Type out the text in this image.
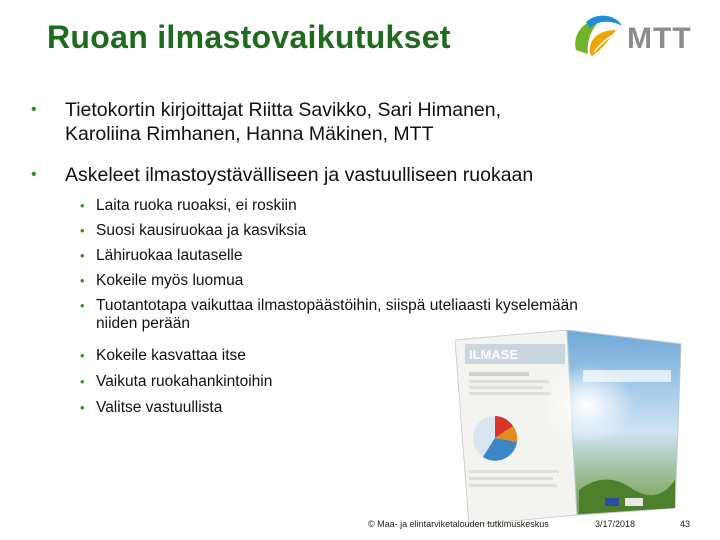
Ruoan ilmastovaikutukset	MTT
•	Tietokortin kirjoittajat Riitta Savikko, Sari Himanen,
Karoliina Rimhanen, Hanna Mäkinen, MTT
•	Askeleet ilmastoystävälliseen ja vastuulliseen ruokaan
• Laita ruoka ruoaksi, ei roskiin
• Suosi kausiruokaa ja kasviksia
• Lähiruokaa lautaselle
• Kokeile myös luomua
• Tuotantotapa vaikuttaa ilmastopäästöihin, siispä uteliaasti kyselemään
niiden perään
• Kokeile kasvattaa itse
• Vaikuta ruokahankintoihin
• Valitse vastuullista
ILMASE
© Maa- ja elintarviketalouden tutkimuskeskus	3/17/2018	43
